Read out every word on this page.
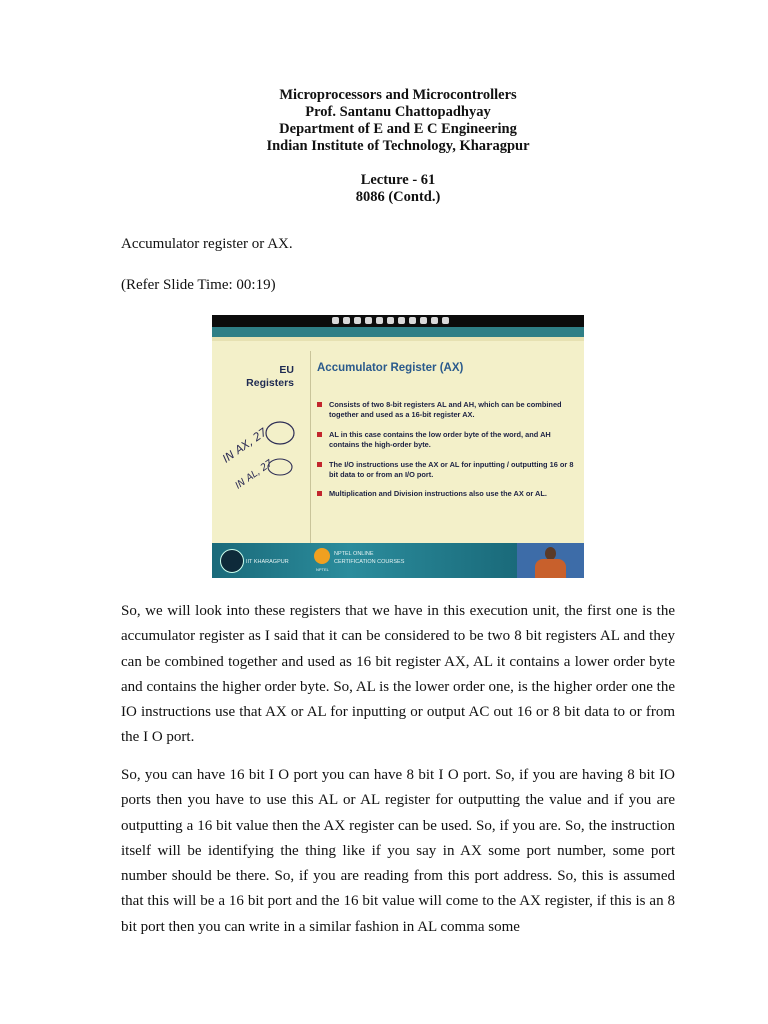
Microprocessors and Microcontrollers
Prof. Santanu Chattopadhyay
Department of E and E C Engineering
Indian Institute of Technology, Kharagpur
Lecture - 61
8086 (Contd.)
Accumulator register or AX.
(Refer Slide Time: 00:19)
EU
Registers
Accumulator Register (AX)
IN AX, 27
IN AL, 27
Consists of two 8-bit registers AL and AH, which can be combined together and used as a 16-bit register AX.
AL in this case contains the low order byte of the word, and AH contains the high-order byte.
The I/O instructions use the AX or AL for inputting / outputting 16 or 8 bit data to or from an I/O port.
Multiplication and Division instructions also use the AX or AL.
IIT KHARAGPUR
NPTEL
NPTEL ONLINE
CERTIFICATION COURSES
So, we will look into these registers that we have in this execution unit, the first one is the accumulator register as I said that it can be considered to be two 8 bit registers AL and they can be combined together and used as 16 bit register AX, AL it contains a lower order byte and contains the higher order byte. So, AL is the lower order one, is the higher order one the IO instructions use that AX or AL for inputting or output AC out 16 or 8 bit data to or from the I O port.
So, you can have 16 bit I O port you can have 8 bit I O port. So, if you are having 8 bit IO ports then you have to use this AL or AL register for outputting the value and if you are outputting a 16 bit value then the AX register can be used. So, if you are. So, the instruction itself will be identifying the thing like if you say in AX some port number, some port number should be there. So, if you are reading from this port address. So, this is assumed that this will be a 16 bit port and the 16 bit value will come to the AX register, if this is an 8 bit port then you can write in a similar fashion in AL comma some
